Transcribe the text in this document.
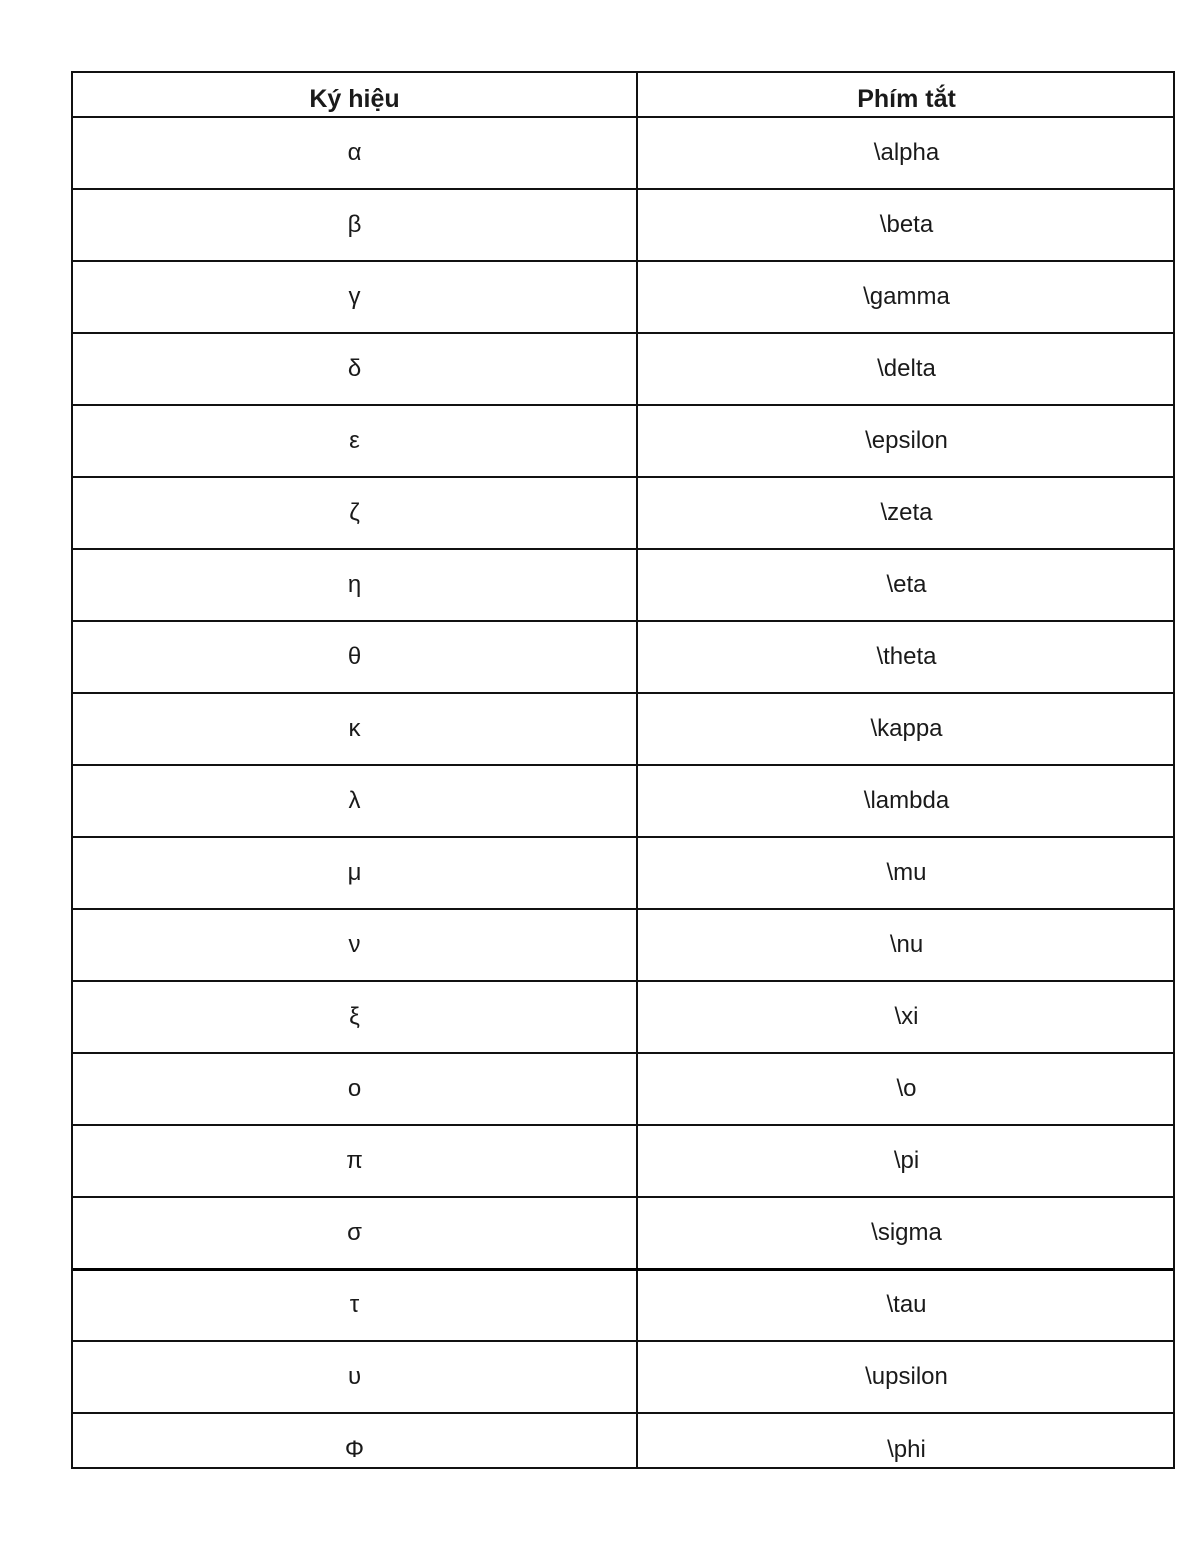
Ký hiệu	Phím tắt
α	\alpha
β	\beta
γ	\gamma
δ	\delta
ε	\epsilon
ζ	\zeta
η	\eta
θ	\theta
κ	\kappa
λ	\lambda
μ	\mu
ν	\nu
ξ	\xi
ο	\o
π	\pi
σ	\sigma
τ	\tau
υ	\upsilon
Φ	\phi
